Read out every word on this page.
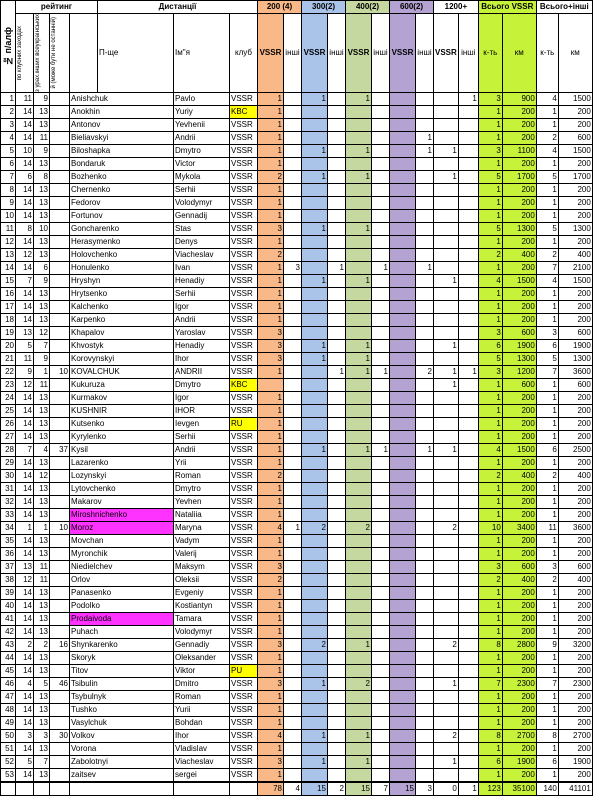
№ п/алф	рейтинг				Дистанції			200 (4)		300(2)		400(2)		600(2)		1200+		Всього VSSR		Всього+інші	

	по клубних заходах	з урах.інших всеукраїнських	й (може бути не останній)		П-ще	Ім"я	клуб	VSSR	інші	VSSR	інші	VSSR	інші	VSSR	інші	VSSR	інші	к-ть	км	к-ть	км
1	11	9		Anishchuk		Pavlo	VSSR	1		1		1					1	3	900	4	1500
2	14	13		Anokhin		Yuriy	KBC	1										1	200	1	200
3	14	13		Antonov		Yevhenii	VSSR	1										1	200	1	200
4	14	11		Bieliavskyi		Andrii	VSSR	1							1			1	200	2	600
5	10	9		Biloshapka		Dmytro	VSSR	1		1		1			1	1		3	1100	4	1500
6	14	13		Bondaruk		Victor	VSSR	1										1	200	1	200
7	6	8		Bozhenko		Mykola	VSSR	2		1		1				1		5	1700	5	1700
8	14	13		Chernenko		Serhii	VSSR	1										1	200	1	200
9	14	13		Fedorov		Volodymyr	VSSR	1										1	200	1	200
10	14	13		Fortunov		Gennadij	VSSR	1										1	200	1	200
11	8	10		Goncharenko		Stas	VSSR	3		1		1						5	1300	5	1300
12	14	13		Herasymenko		Denys	VSSR	1										1	200	1	200
13	12	13		Holovchenko		Viacheslav	VSSR	2										2	400	2	400
14	14	6		Honulenko		Ivan	VSSR	1	3		1		1		1			1	200	7	2100
15	7	9		Hryshyn		Henadiy	VSSR	1		1		1				1		4	1500	4	1500
16	14	13		Hrytsenko		Serhii	VSSR	1										1	200	1	200
17	14	13		Kalchenko		Igor	VSSR	1										1	200	1	200
18	14	13		Karpenko		Andrii	VSSR	1										1	200	1	200
19	13	12		Khapalov		Yaroslav	VSSR	3										3	600	3	600
20	5	7		Khvostyk		Henadiy	VSSR	3		1		1				1		6	1900	6	1900
21	11	9		Korovynskyi		Ihor	VSSR	3		1		1						5	1300	5	1300
22	9	1	10	KOVALCHUK		ANDRII	VSSR	1			1	1	1		2	1	1	3	1200	7	3600
23	12	11		Kukuruza		Dmytro	KBC									1		1	600	1	600
24	14	13		Kurmakov		Igor	VSSR	1										1	200	1	200
25	14	13		KUSHNIR		IHOR	VSSR	1										1	200	1	200
26	14	13		Kutsenko		Ievgen	RU	1										1	200	1	200
27	14	13		Kyrylenko		Serhii	VSSR	1										1	200	1	200
28	7	4	37	Kysil		Andrii	VSSR	1		1		1	1		1	1		4	1500	6	2500
29	14	13		Lazarenko		Yrii	VSSR	1										1	200	1	200
30	14	12		Lozynskyi		Roman	VSSR	2										2	400	2	400
31	14	13		Lytovchenko		Dmytro	VSSR	1										1	200	1	200
32	14	13		Makarov		Yevhen	VSSR	1										1	200	1	200
33	14	13		Miroshnichenko		Nataliia	VSSR	1										1	200	1	200
34	1	1	10	Moroz		Maryna	VSSR	4	1	2		2				2		10	3400	11	3600
35	14	13		Movchan		Vadym	VSSR	1										1	200	1	200
36	14	13		Myronchik		Valerij	VSSR	1										1	200	1	200
37	13	11		Niedielchev		Maksym	VSSR	3										3	600	3	600
38	12	11		Orlov		Oleksii	VSSR	2										2	400	2	400
39	14	13		Panasenko		Evgeniy	VSSR	1										1	200	1	200
40	14	13		Podolko		Kostiantyn	VSSR	1										1	200	1	200
41	14	13		Prodaivoda		Tamara	VSSR	1										1	200	1	200
42	14	13		Puhach		Volodymyr	VSSR	1										1	200	1	200
43	2	2	16	Shynkarenko		Gennadiy	VSSR	3		2		1				2		8	2800	9	3200
44	14	13		Skoryk		Oleksander	VSSR	1										1	200	1	200
45	14	13		Titov		Viktor	PU	1										1	200	1	200
46	4	5	46	Tsibulin		Dmitro	VSSR	3		1		2				1		7	2300	7	2300
47	14	13		Tsybulnyk		Roman	VSSR	1										1	200	1	200
48	14	13		Tushko		Yurii	VSSR	1										1	200	1	200
49	14	13		Vasylchuk		Bohdan	VSSR	1										1	200	1	200
50	3	3	30	Volkov		Ihor	VSSR	4		1		1				2		8	2700	8	2700
51	14	13		Vorona		Vladislav	VSSR	1										1	200	1	200
52	5	7		Zabolotnyi		Viacheslav	VSSR	3		1		1				1		6	1900	6	1900
53	14	13		zaitsev		sergei	VSSR	1										1	200	1	200
								78	4	15	2	15	7	15	3	0	1	123	35100	140	41101
